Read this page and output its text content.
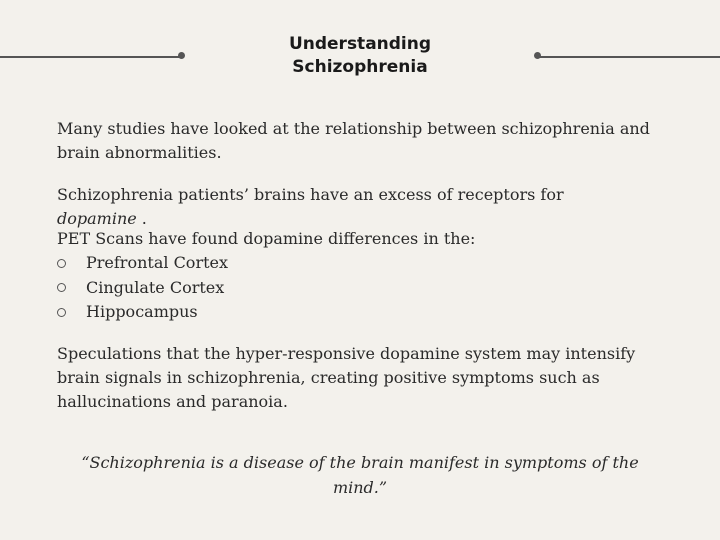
Understanding
Schizophrenia

Many studies have looked at the relationship between schizophrenia and brain abnormalities.

Schizophrenia patients’ brains have an excess of receptors for
dopamine .

PET Scans have found dopamine differences in the:

Prefrontal Cortex
Cingulate Cortex
Hippocampus

Speculations that the hyper-responsive dopamine system may intensify brain signals in schizophrenia, creating positive symptoms such as hallucinations and paranoia.

“Schizophrenia is a disease of the brain manifest in symptoms of the mind.”
